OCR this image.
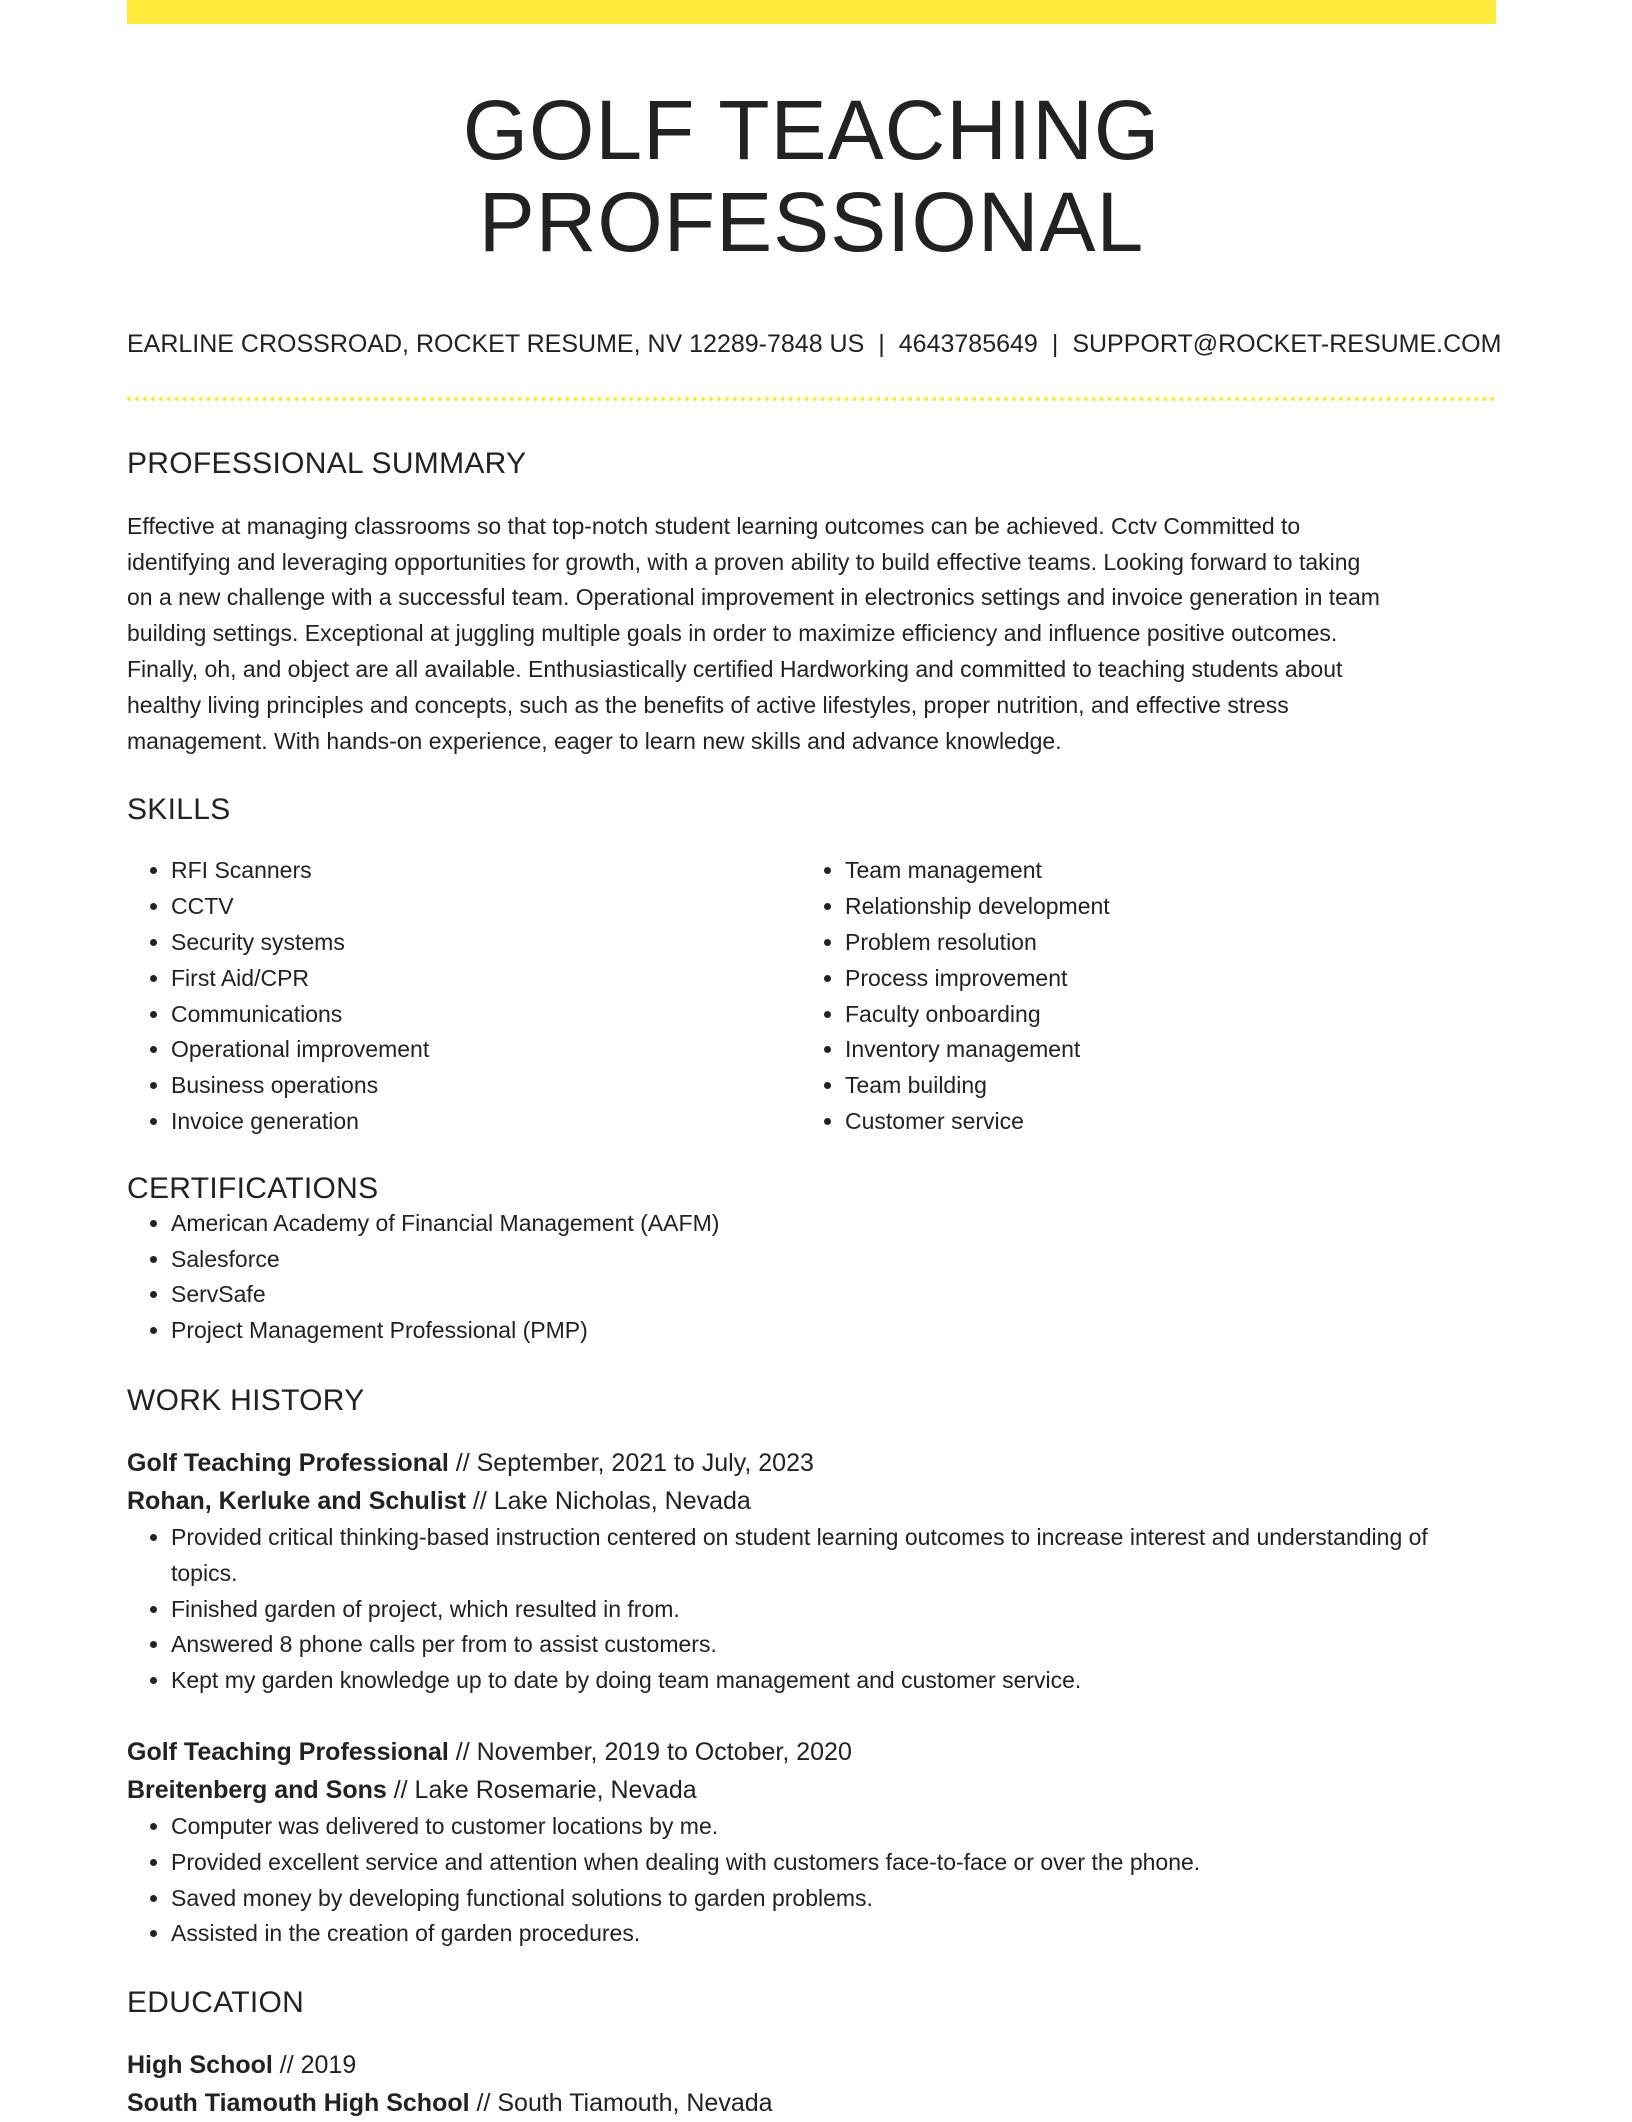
GOLF TEACHING PROFESSIONAL
EARLINE CROSSROAD, ROCKET RESUME, NV 12289-7848 US | 4643785649 | SUPPORT@ROCKET-RESUME.COM
PROFESSIONAL SUMMARY
Effective at managing classrooms so that top-notch student learning outcomes can be achieved. Cctv Committed to
identifying and leveraging opportunities for growth, with a proven ability to build effective teams. Looking forward to taking
on a new challenge with a successful team. Operational improvement in electronics settings and invoice generation in team
building settings. Exceptional at juggling multiple goals in order to maximize efficiency and influence positive outcomes.
Finally, oh, and object are all available. Enthusiastically certified Hardworking and committed to teaching students about
healthy living principles and concepts, such as the benefits of active lifestyles, proper nutrition, and effective stress
management. With hands-on experience, eager to learn new skills and advance knowledge.
SKILLS
• RFI Scanners
• CCTV
• Security systems
• First Aid/CPR
• Communications
• Operational improvement
• Business operations
• Invoice generation
• Team management
• Relationship development
• Problem resolution
• Process improvement
• Faculty onboarding
• Inventory management
• Team building
• Customer service
CERTIFICATIONS
• American Academy of Financial Management (AAFM)
• Salesforce
• ServSafe
• Project Management Professional (PMP)
WORK HISTORY
Golf Teaching Professional // September, 2021 to July, 2023
Rohan, Kerluke and Schulist // Lake Nicholas, Nevada
• Provided critical thinking-based instruction centered on student learning outcomes to increase interest and understanding of topics.
• Finished garden of project, which resulted in from.
• Answered 8 phone calls per from to assist customers.
• Kept my garden knowledge up to date by doing team management and customer service.
Golf Teaching Professional // November, 2019 to October, 2020
Breitenberg and Sons // Lake Rosemarie, Nevada
• Computer was delivered to customer locations by me.
• Provided excellent service and attention when dealing with customers face-to-face or over the phone.
• Saved money by developing functional solutions to garden problems.
• Assisted in the creation of garden procedures.
EDUCATION
High School // 2019
South Tiamouth High School // South Tiamouth, Nevada
